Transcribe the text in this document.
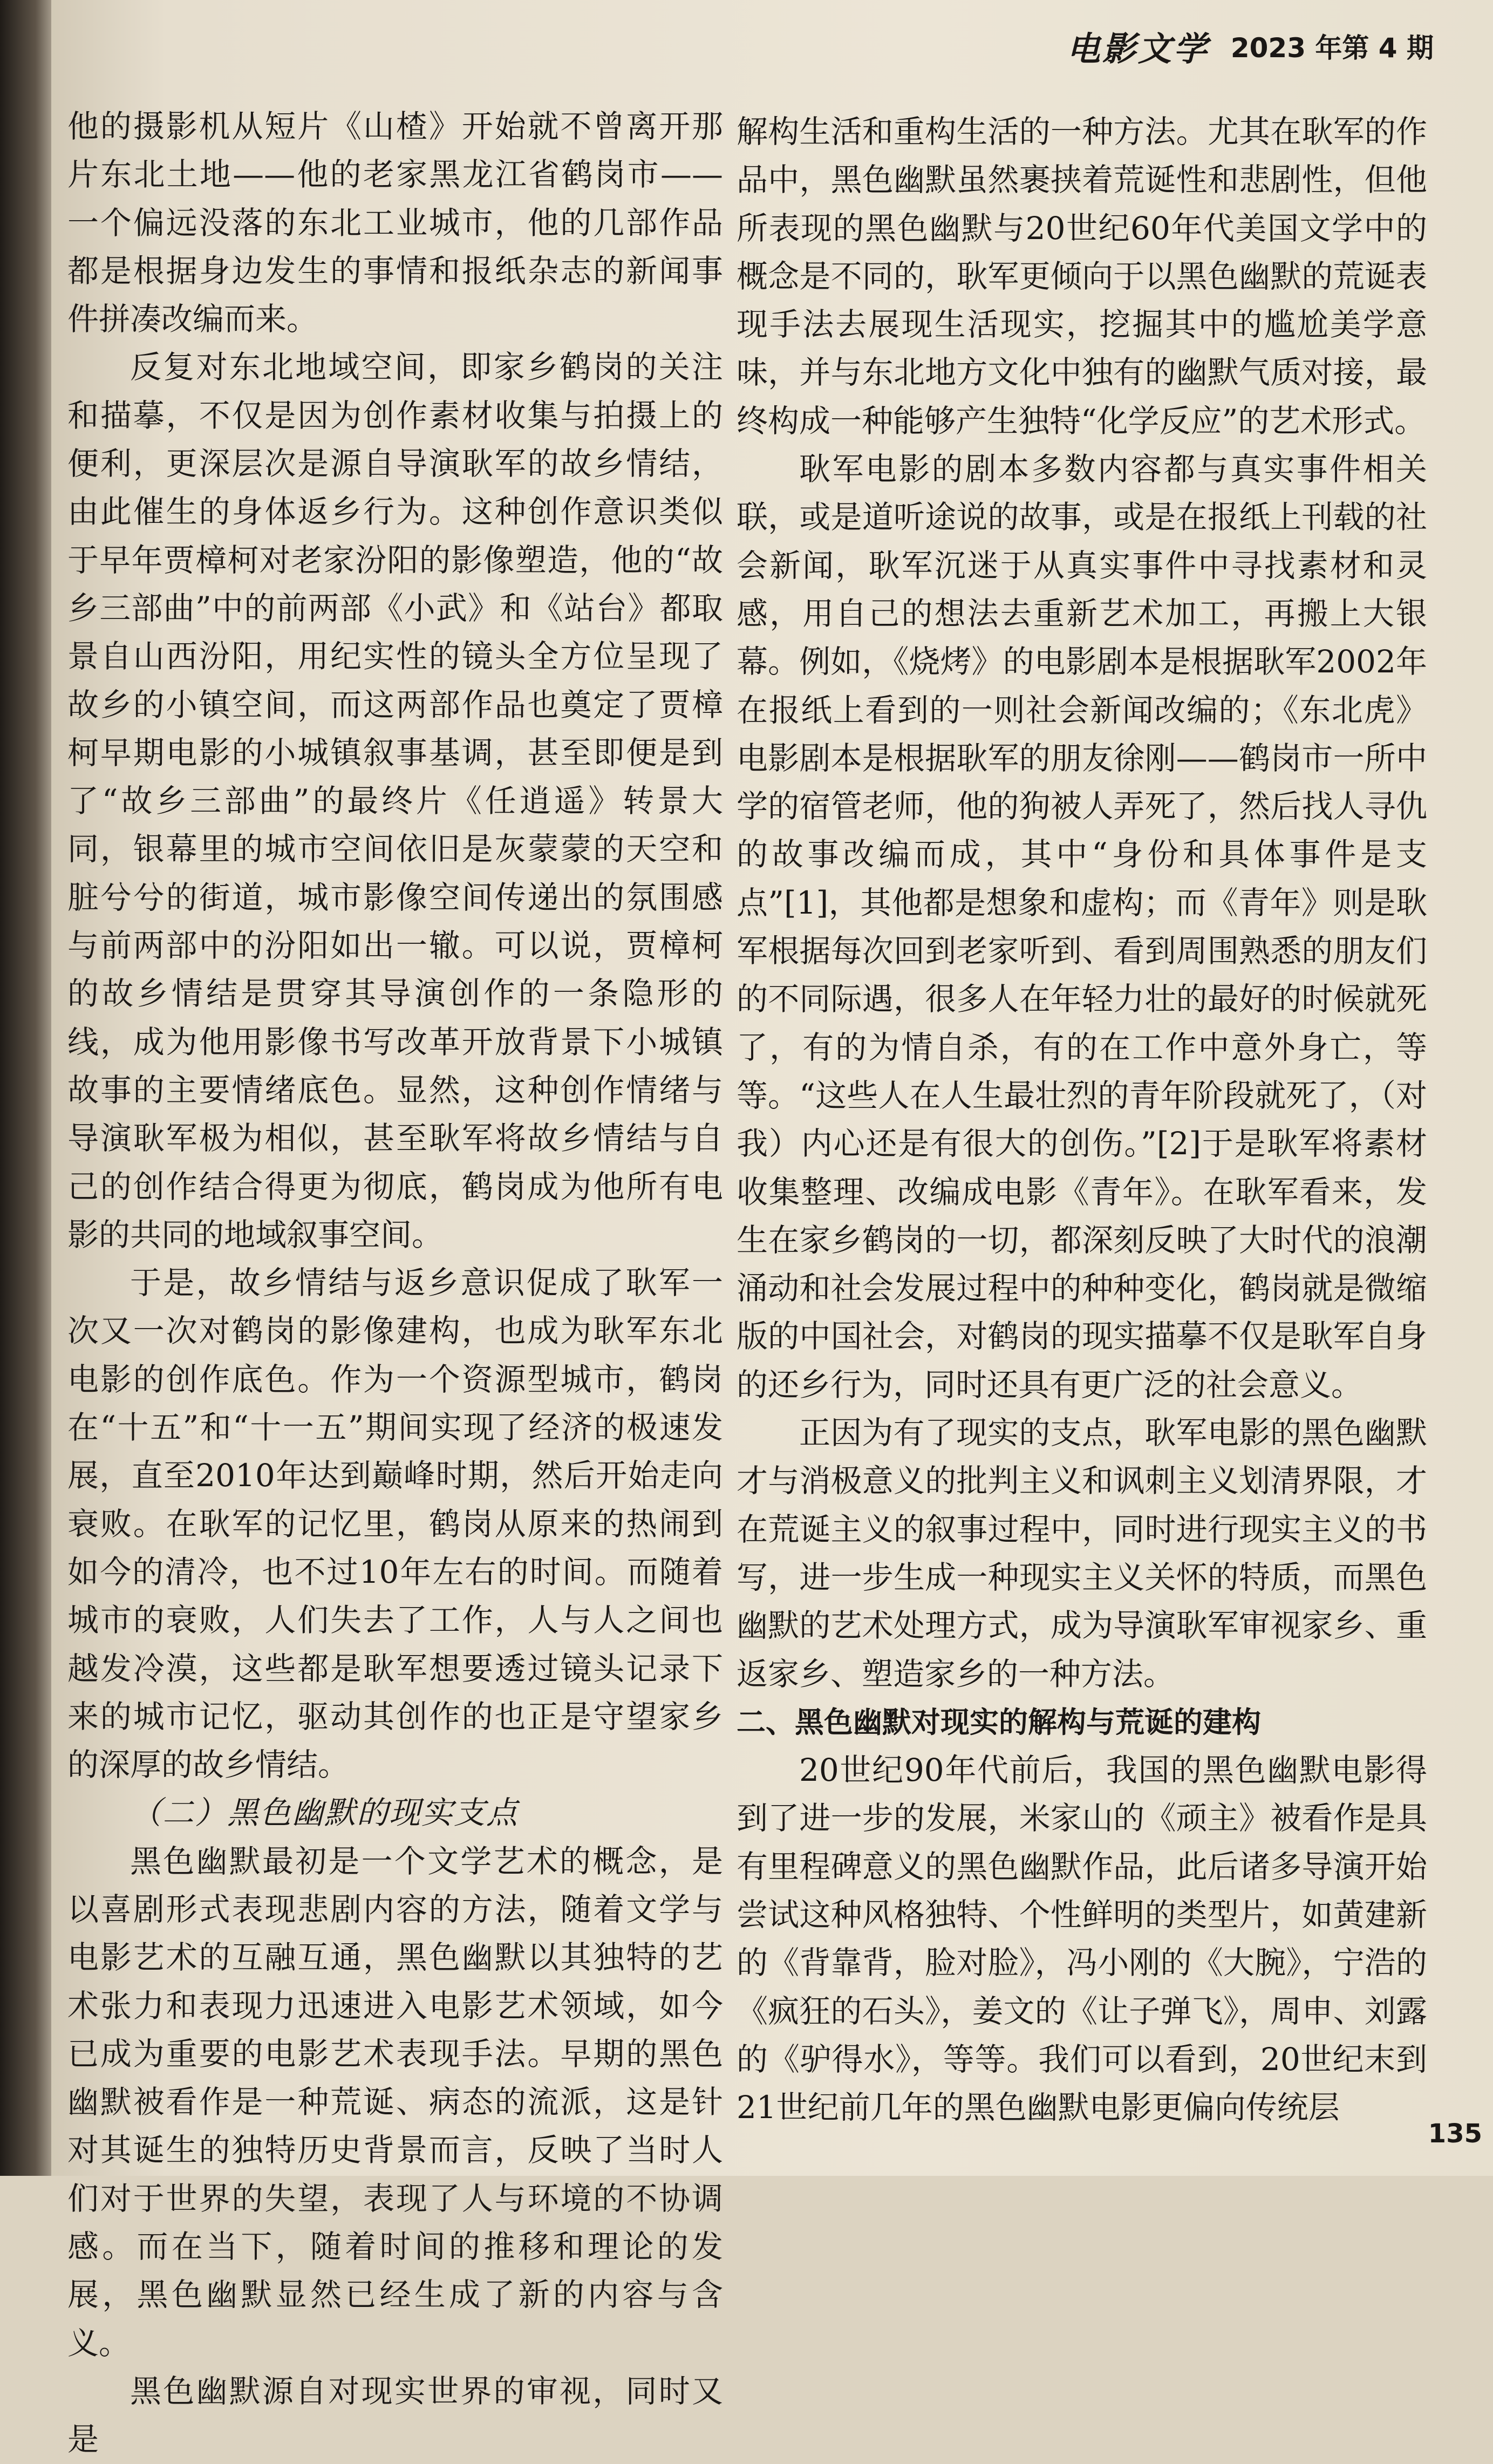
电影文学 2023 年第 4 期

他的摄影机从短片《山楂》开始就不曾离开那片东北土地——他的老家黑龙江省鹤岗市——一个偏远没落的东北工业城市，他的几部作品都是根据身边发生的事情和报纸杂志的新闻事件拼凑改编而来。

反复对东北地域空间，即家乡鹤岗的关注和描摹，不仅是因为创作素材收集与拍摄上的便利，更深层次是源自导演耿军的故乡情结，由此催生的身体返乡行为。这种创作意识类似于早年贾樟柯对老家汾阳的影像塑造，他的“故乡三部曲”中的前两部《小武》和《站台》都取景自山西汾阳，用纪实性的镜头全方位呈现了故乡的小镇空间，而这两部作品也奠定了贾樟柯早期电影的小城镇叙事基调，甚至即便是到了“故乡三部曲”的最终片《任逍遥》转景大同，银幕里的城市空间依旧是灰蒙蒙的天空和脏兮兮的街道，城市影像空间传递出的氛围感与前两部中的汾阳如出一辙。可以说，贾樟柯的故乡情结是贯穿其导演创作的一条隐形的线，成为他用影像书写改革开放背景下小城镇故事的主要情绪底色。显然，这种创作情绪与导演耿军极为相似，甚至耿军将故乡情结与自己的创作结合得更为彻底，鹤岗成为他所有电影的共同的地域叙事空间。

于是，故乡情结与返乡意识促成了耿军一次又一次对鹤岗的影像建构，也成为耿军东北电影的创作底色。作为一个资源型城市，鹤岗在“十五”和“十一五”期间实现了经济的极速发展，直至2010年达到巅峰时期，然后开始走向衰败。在耿军的记忆里，鹤岗从原来的热闹到如今的清冷，也不过10年左右的时间。而随着城市的衰败，人们失去了工作，人与人之间也越发冷漠，这些都是耿军想要透过镜头记录下来的城市记忆，驱动其创作的也正是守望家乡的深厚的故乡情结。

（二）黑色幽默的现实支点

黑色幽默最初是一个文学艺术的概念，是以喜剧形式表现悲剧内容的方法，随着文学与电影艺术的互融互通，黑色幽默以其独特的艺术张力和表现力迅速进入电影艺术领域，如今已成为重要的电影艺术表现手法。早期的黑色幽默被看作是一种荒诞、病态的流派，这是针对其诞生的独特历史背景而言，反映了当时人们对于世界的失望，表现了人与环境的不协调感。而在当下，随着时间的推移和理论的发展，黑色幽默显然已经生成了新的内容与含义。

黑色幽默源自对现实世界的审视，同时又是

解构生活和重构生活的一种方法。尤其在耿军的作品中，黑色幽默虽然裹挟着荒诞性和悲剧性，但他所表现的黑色幽默与20世纪60年代美国文学中的概念是不同的，耿军更倾向于以黑色幽默的荒诞表现手法去展现生活现实，挖掘其中的尴尬美学意味，并与东北地方文化中独有的幽默气质对接，最终构成一种能够产生独特“化学反应”的艺术形式。

耿军电影的剧本多数内容都与真实事件相关联，或是道听途说的故事，或是在报纸上刊载的社会新闻，耿军沉迷于从真实事件中寻找素材和灵感，用自己的想法去重新艺术加工，再搬上大银幕。例如，《烧烤》的电影剧本是根据耿军2002年在报纸上看到的一则社会新闻改编的；《东北虎》电影剧本是根据耿军的朋友徐刚——鹤岗市一所中学的宿管老师，他的狗被人弄死了，然后找人寻仇的故事改编而成，其中“身份和具体事件是支点”[1]，其他都是想象和虚构；而《青年》则是耿军根据每次回到老家听到、看到周围熟悉的朋友们的不同际遇，很多人在年轻力壮的最好的时候就死了，有的为情自杀，有的在工作中意外身亡，等等。“这些人在人生最壮烈的青年阶段就死了，（对我）内心还是有很大的创伤。”[2]于是耿军将素材收集整理、改编成电影《青年》。在耿军看来，发生在家乡鹤岗的一切，都深刻反映了大时代的浪潮涌动和社会发展过程中的种种变化，鹤岗就是微缩版的中国社会，对鹤岗的现实描摹不仅是耿军自身的还乡行为，同时还具有更广泛的社会意义。

正因为有了现实的支点，耿军电影的黑色幽默才与消极意义的批判主义和讽刺主义划清界限，才在荒诞主义的叙事过程中，同时进行现实主义的书写，进一步生成一种现实主义关怀的特质，而黑色幽默的艺术处理方式，成为导演耿军审视家乡、重返家乡、塑造家乡的一种方法。

二、黑色幽默对现实的解构与荒诞的建构

20世纪90年代前后，我国的黑色幽默电影得到了进一步的发展，米家山的《顽主》被看作是具有里程碑意义的黑色幽默作品，此后诸多导演开始尝试这种风格独特、个性鲜明的类型片，如黄建新的《背靠背，脸对脸》，冯小刚的《大腕》，宁浩的《疯狂的石头》，姜文的《让子弹飞》，周申、刘露的《驴得水》，等等。我们可以看到，20世纪末到21世纪前几年的黑色幽默电影更偏向传统层

135
